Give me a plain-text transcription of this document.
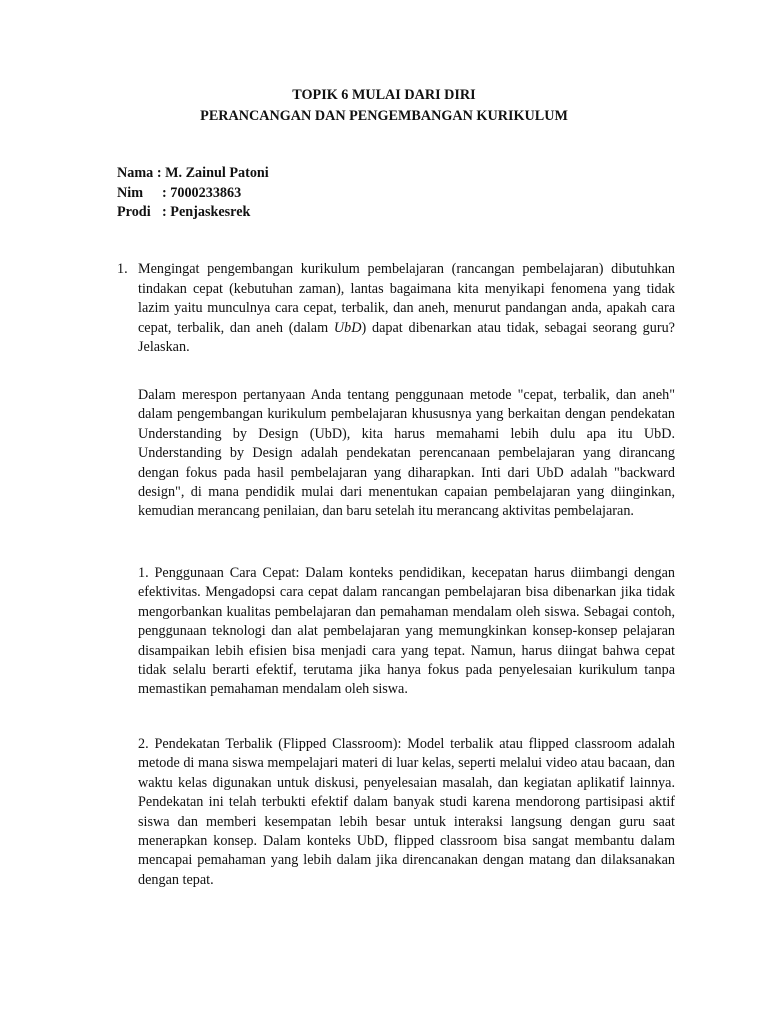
TOPIK 6 MULAI DARI DIRI
PERANCANGAN DAN PENGEMBANGAN KURIKULUM
Nama : M. Zainul Patoni
Nim : 7000233863
Prodi : Penjaskesrek
1. Mengingat pengembangan kurikulum pembelajaran (rancangan pembelajaran) dibutuhkan tindakan cepat (kebutuhan zaman), lantas bagaimana kita menyikapi fenomena yang tidak lazim yaitu munculnya cara cepat, terbalik, dan aneh, menurut pandangan anda, apakah cara cepat, terbalik, dan aneh (dalam UbD) dapat dibenarkan atau tidak, sebagai seorang guru? Jelaskan.

Dalam merespon pertanyaan Anda tentang penggunaan metode "cepat, terbalik, dan aneh" dalam pengembangan kurikulum pembelajaran khususnya yang berkaitan dengan pendekatan Understanding by Design (UbD), kita harus memahami lebih dulu apa itu UbD. Understanding by Design adalah pendekatan perencanaan pembelajaran yang dirancang dengan fokus pada hasil pembelajaran yang diharapkan. Inti dari UbD adalah "backward design", di mana pendidik mulai dari menentukan capaian pembelajaran yang diinginkan, kemudian merancang penilaian, dan baru setelah itu merancang aktivitas pembelajaran.

1. Penggunaan Cara Cepat: Dalam konteks pendidikan, kecepatan harus diimbangi dengan efektivitas. Mengadopsi cara cepat dalam rancangan pembelajaran bisa dibenarkan jika tidak mengorbankan kualitas pembelajaran dan pemahaman mendalam oleh siswa. Sebagai contoh, penggunaan teknologi dan alat pembelajaran yang memungkinkan konsep-konsep pelajaran disampaikan lebih efisien bisa menjadi cara yang tepat. Namun, harus diingat bahwa cepat tidak selalu berarti efektif, terutama jika hanya fokus pada penyelesaian kurikulum tanpa memastikan pemahaman mendalam oleh siswa.

2. Pendekatan Terbalik (Flipped Classroom): Model terbalik atau flipped classroom adalah metode di mana siswa mempelajari materi di luar kelas, seperti melalui video atau bacaan, dan waktu kelas digunakan untuk diskusi, penyelesaian masalah, dan kegiatan aplikatif lainnya. Pendekatan ini telah terbukti efektif dalam banyak studi karena mendorong partisipasi aktif siswa dan memberi kesempatan lebih besar untuk interaksi langsung dengan guru saat menerapkan konsep. Dalam konteks UbD, flipped classroom bisa sangat membantu dalam mencapai pemahaman yang lebih dalam jika direncanakan dengan matang dan dilaksanakan dengan tepat.
